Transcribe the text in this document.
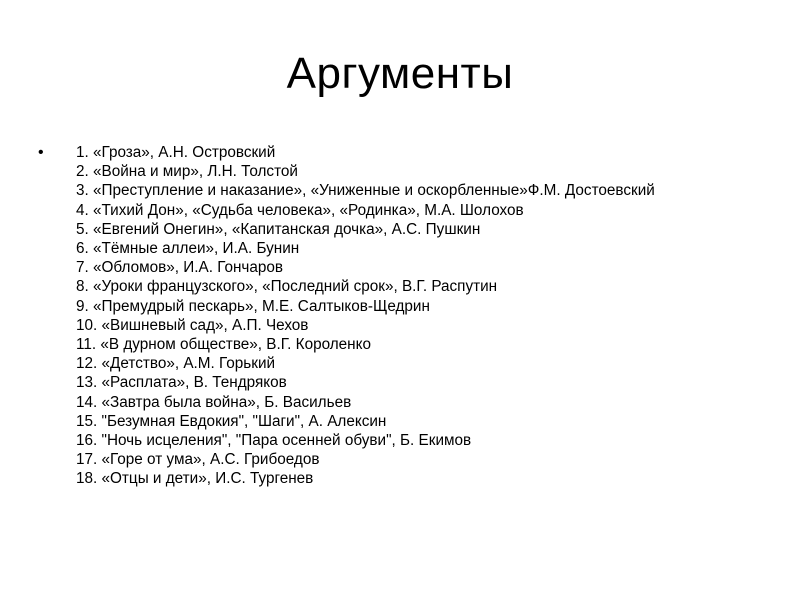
Аргументы
• 1. «Гроза», А.Н. Островский
2. «Война и мир», Л.Н. Толстой
3. «Преступление и наказание», «Униженные и оскорбленные»Ф.М. Достоевский
4. «Тихий Дон», «Судьба человека», «Родинка», М.А. Шолохов
5. «Евгений Онегин», «Капитанская дочка», А.С. Пушкин
6. «Тёмные аллеи», И.А. Бунин
7. «Обломов», И.А. Гончаров
8. «Уроки французского», «Последний срок», В.Г. Распутин
9. «Премудрый пескарь», М.Е. Салтыков-Щедрин
10. «Вишневый сад», А.П. Чехов
11. «В дурном обществе», В.Г. Короленко
12. «Детство», А.М. Горький
13. «Расплата», В. Тендряков
14. «Завтра была война», Б. Васильев
15. "Безумная Евдокия", "Шаги", А. Алексин
16. "Ночь исцеления", "Пара осенней обуви", Б. Екимов
17. «Горе от ума», А.С. Грибоедов
18. «Отцы и дети», И.С. Тургенев
